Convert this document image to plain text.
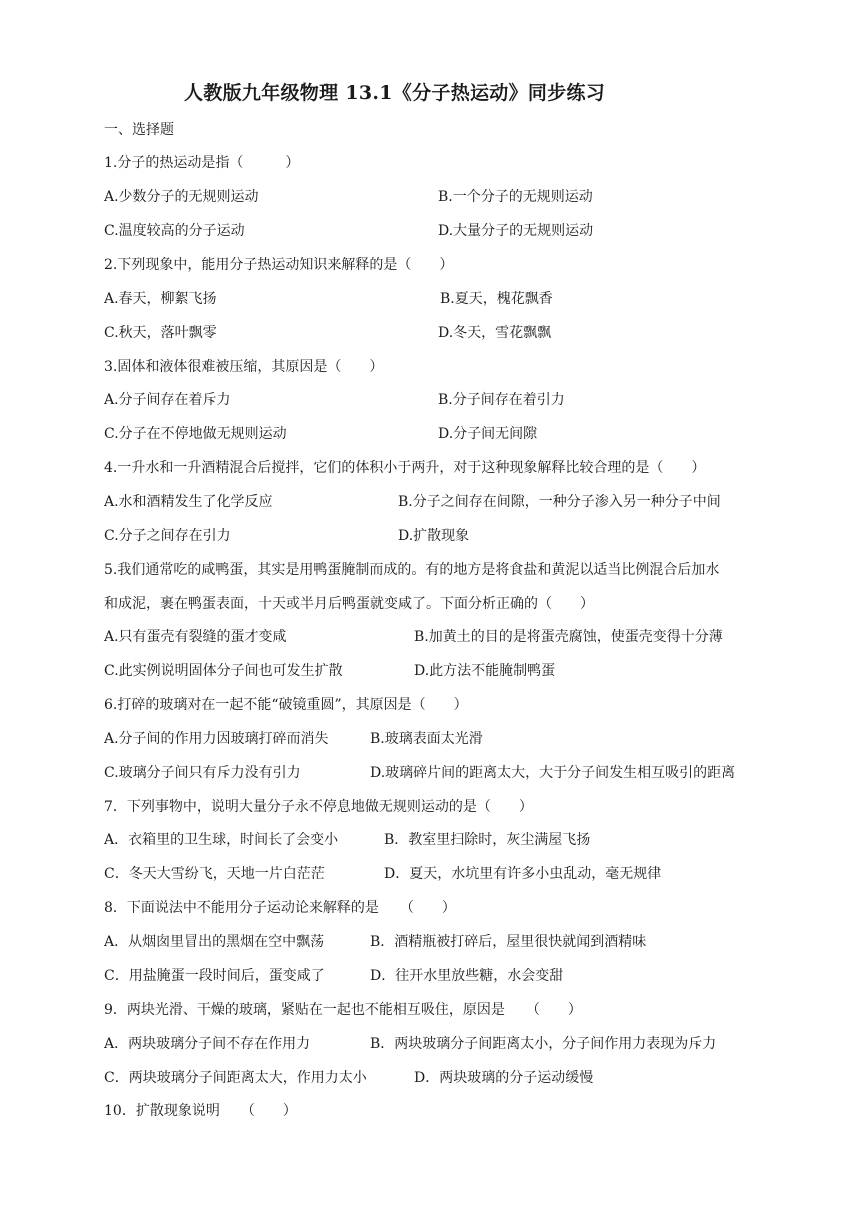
人教版九年级物理 13.1《分子热运动》同步练习
一、选择题
1.分子的热运动是指（　　　）
A.少数分子的无规则运动	B.一个分子的无规则运动
C.温度较高的分子运动	D.大量分子的无规则运动
2.下列现象中，能用分子热运动知识来解释的是（　　）
A.春天，柳絮飞扬	B.夏天，槐花飘香
C.秋天，落叶飘零	D.冬天，雪花飘飘
3.固体和液体很难被压缩，其原因是（　　）
A.分子间存在着斥力	B.分子间存在着引力
C.分子在不停地做无规则运动	D.分子间无间隙
4.一升水和一升酒精混合后搅拌，它们的体积小于两升，对于这种现象解释比较合理的是（　　）
A.水和酒精发生了化学反应	B.分子之间存在间隙，一种分子渗入另一种分子中间
C.分子之间存在引力	D.扩散现象
5.我们通常吃的咸鸭蛋，其实是用鸭蛋腌制而成的。有的地方是将食盐和黄泥以适当比例混合后加水
和成泥，裹在鸭蛋表面，十天或半月后鸭蛋就变咸了。下面分析正确的（　　）
A.只有蛋壳有裂缝的蛋才变咸	B.加黄土的目的是将蛋壳腐蚀，使蛋壳变得十分薄
C.此实例说明固体分子间也可发生扩散	D.此方法不能腌制鸭蛋
6.打碎的玻璃对在一起不能“破镜重圆”，其原因是（　　）
A.分子间的作用力因玻璃打碎而消失	B.玻璃表面太光滑
C.玻璃分子间只有斥力没有引力	D.玻璃碎片间的距离太大，大于分子间发生相互吸引的距离
7．下列事物中，说明大量分子永不停息地做无规则运动的是（　　）
A．衣箱里的卫生球，时间长了会变小	B．教室里扫除时，灰尘满屋飞扬
C．冬天大雪纷飞，天地一片白茫茫	D．夏天，水坑里有许多小虫乱动，毫无规律
8．下面说法中不能用分子运动论来解释的是　　（　　）
A．从烟囱里冒出的黑烟在空中飘荡	B．酒精瓶被打碎后，屋里很快就闻到酒精味
C．用盐腌蛋一段时间后，蛋变咸了	D．往开水里放些糖，水会变甜
9．两块光滑、干燥的玻璃，紧贴在一起也不能相互吸住，原因是　　（　　）
A．两块玻璃分子间不存在作用力	B．两块玻璃分子间距离太小，分子间作用力表现为斥力
C．两块玻璃分子间距离太大，作用力太小	D．两块玻璃的分子运动缓慢
10．扩散现象说明　　（　　）
